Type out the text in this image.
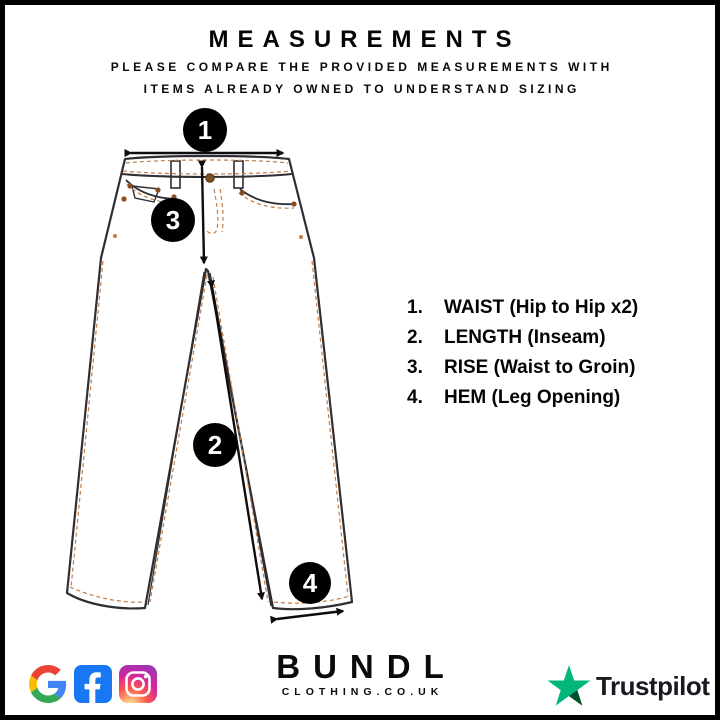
MEASUREMENTS
PLEASE COMPARE THE PROVIDED MEASUREMENTS WITH
ITEMS ALREADY OWNED TO UNDERSTAND SIZING
1
2
3
4
1.	WAIST (Hip to Hip x2)
2.	LENGTH (Inseam)
3.	RISE (Waist to Groin)
4.	HEM (Leg Opening)
BUNDL
CLOTHING.CO.UK	Trustpilot
